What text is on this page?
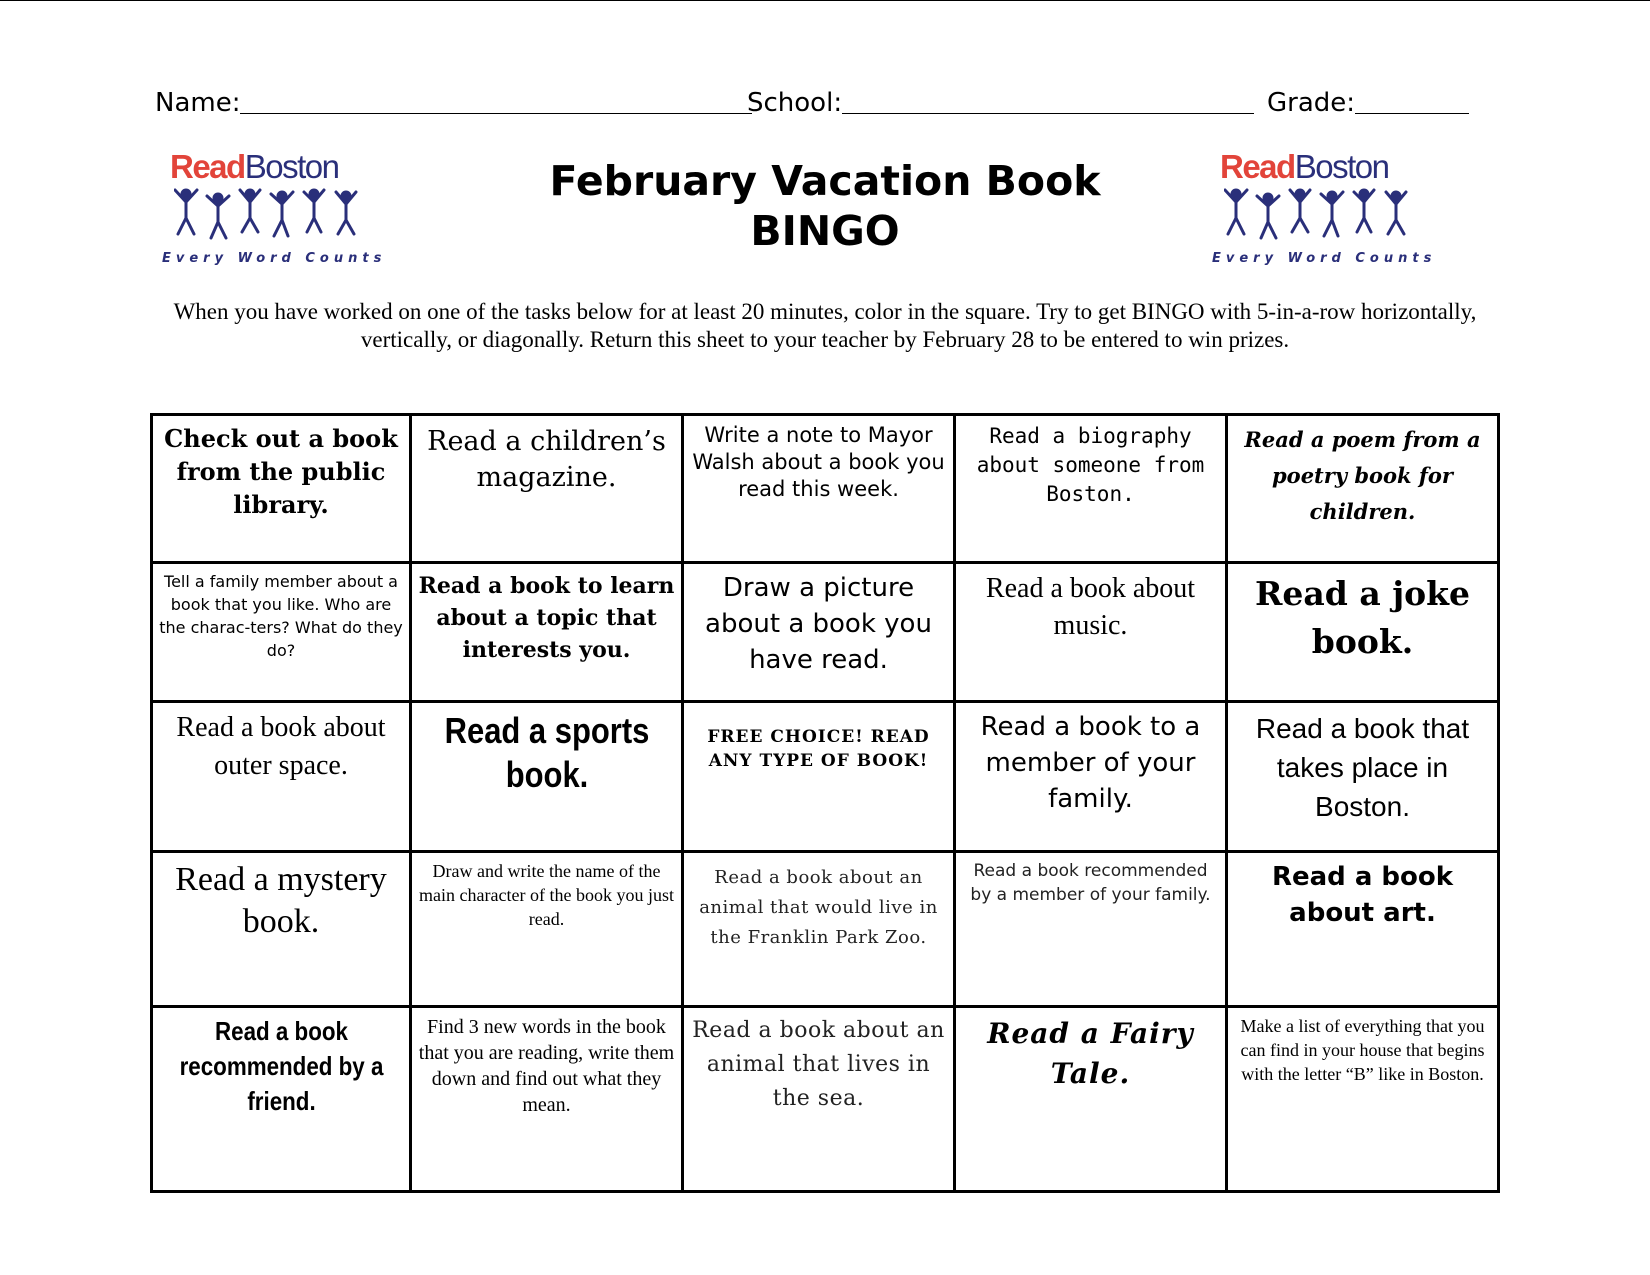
Name:	School:	Grade:
ReadBoston
Every Word Counts
ReadBoston
Every Word Counts
February Vacation Book
BINGO
When you have worked on one of the tasks below for at least 20 minutes, color in the square. Try to get BINGO with 5-in-a-row horizontally, vertically, or diagonally. Return this sheet to your teacher by February 28 to be entered to win prizes.
Check out a book from the public library.	Read a children’s magazine.	Write a note to Mayor Walsh about a book you read this week.	Read a biography about someone from Boston.	Read a poem from a poetry book for children.
Tell a family member about a book that you like. Who are the charac-ters? What do they do?	Read a book to learn about a topic that interests you.	Draw a picture about a book you have read.	Read a book about music.	Read a joke book.
Read a book about outer space.	Read a sports book.	FREE CHOICE! READ ANY TYPE OF BOOK!	Read a book to a member of your family.	Read a book that takes place in Boston.
Read a mystery book.	Draw and write the name of the main character of the book you just read.	Read a book about an animal that would live in the Franklin Park Zoo.	Read a book recommended by a member of your family.	Read a book about art.
Read a book recommended by a friend.	Find 3 new words in the book that you are reading, write them down and find out what they mean.	Read a book about an animal that lives in the sea.	Read a Fairy Tale.	Make a list of everything that you can find in your house that begins with the letter “B” like in Boston.
